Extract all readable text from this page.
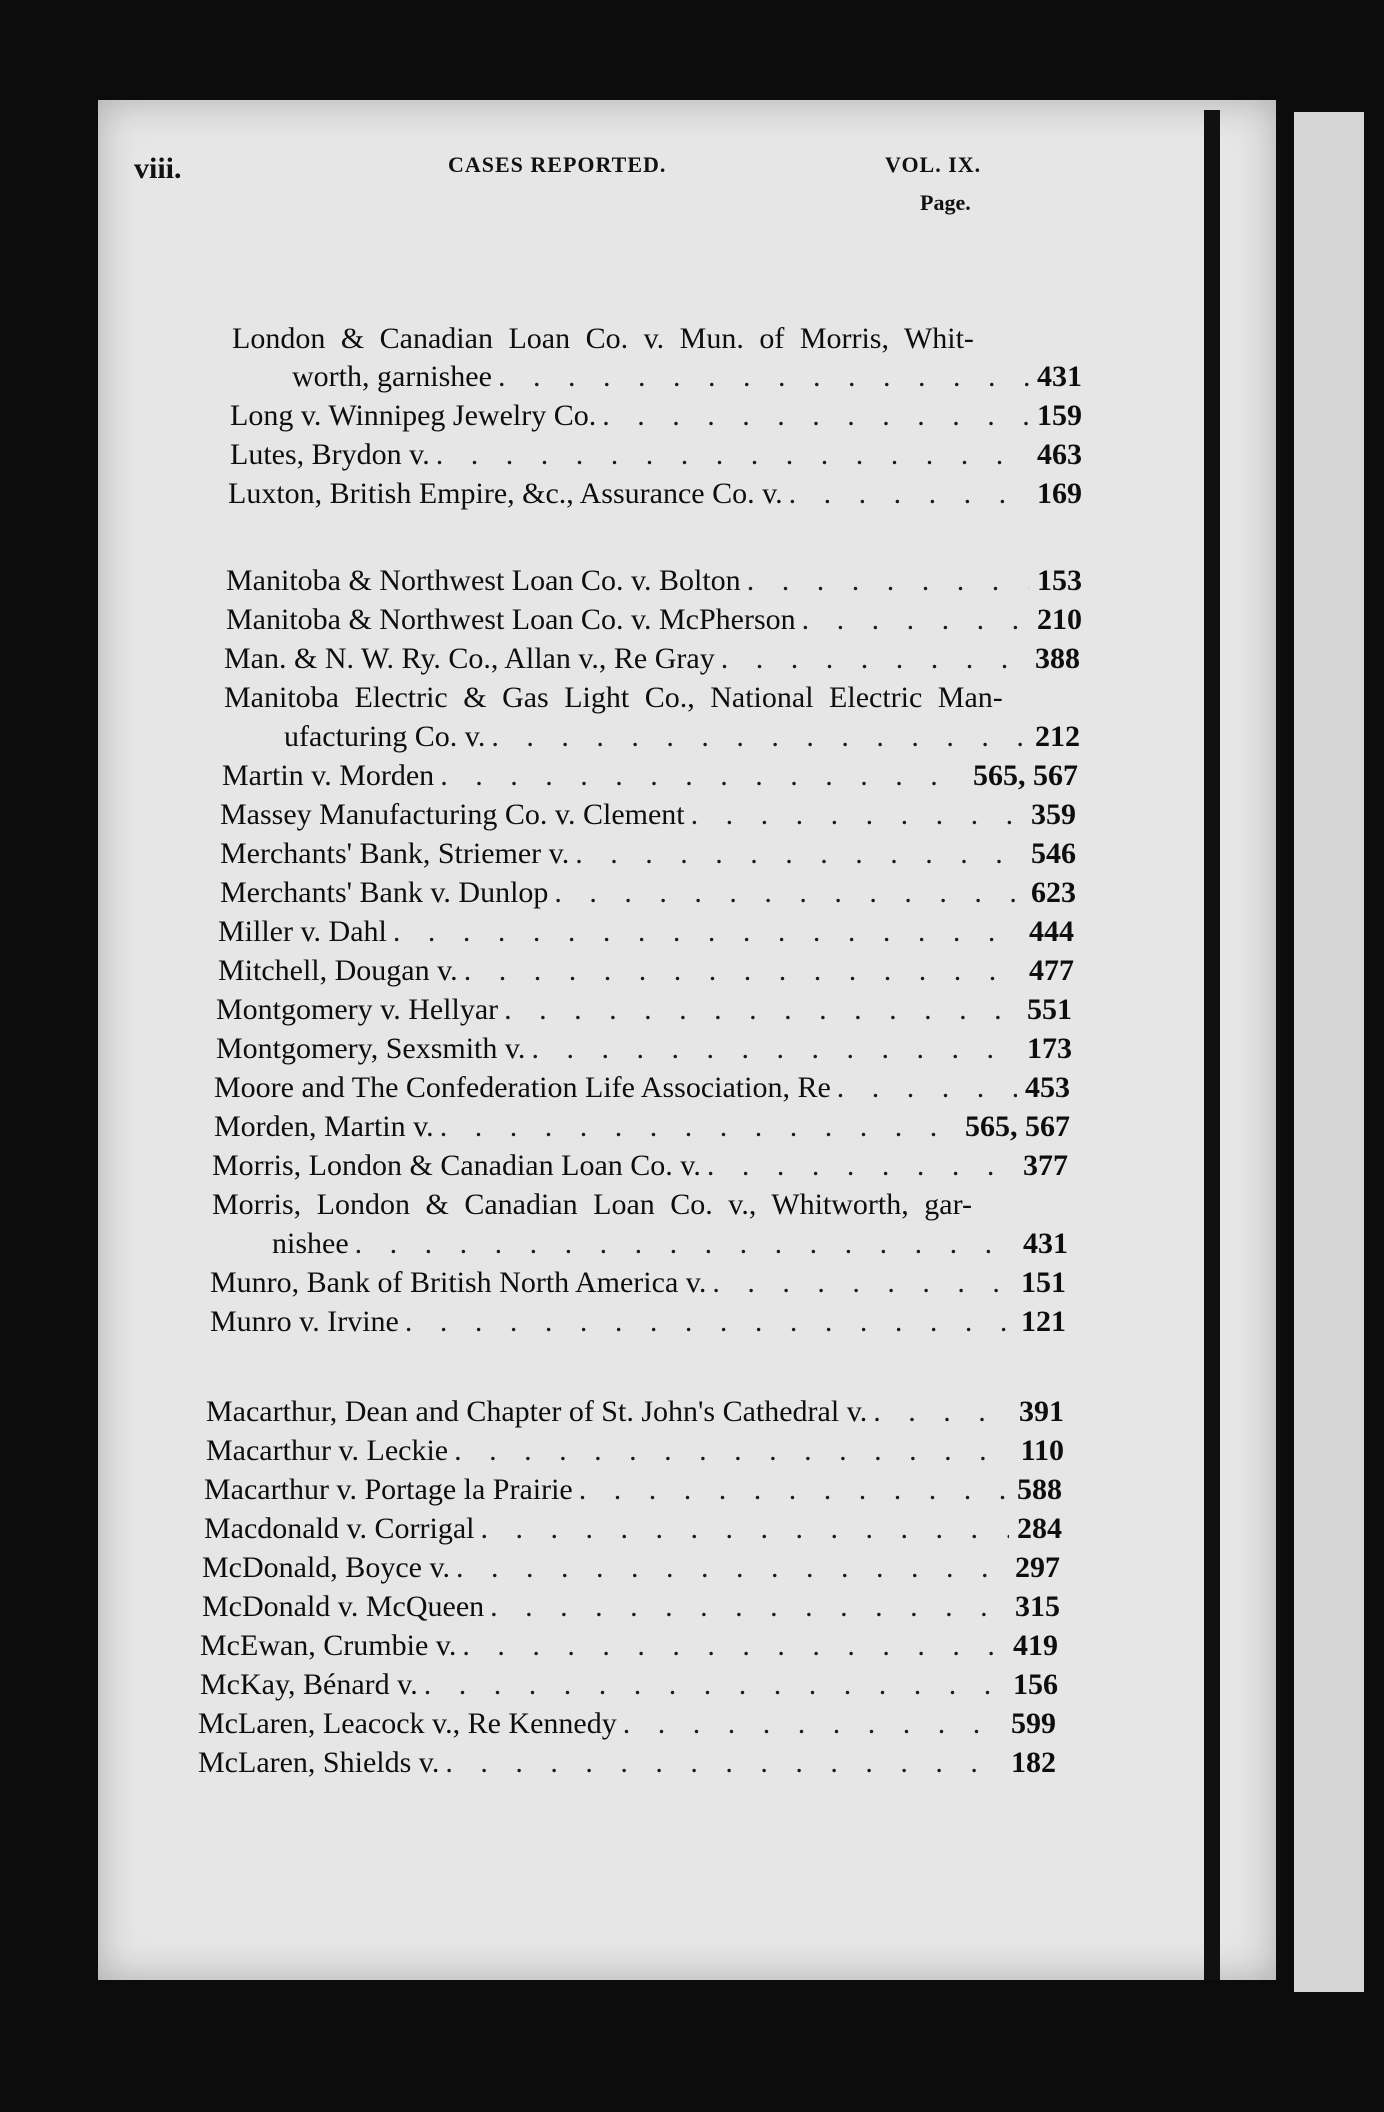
viii.	CASES REPORTED.	VOL. IX.
Page.
London & Canadian Loan Co. v. Mun. of Morris, Whit-
worth, garnishee . . .	431
Long v. Winnipeg Jewelry Co. . . .	159
Lutes, Brydon v. . . .	463
Luxton, British Empire, &c., Assurance Co. v. . . .	169
Manitoba & Northwest Loan Co. v. Bolton . . .	153
Manitoba & Northwest Loan Co. v. McPherson . . .	210
Man. & N. W. Ry. Co., Allan v., Re Gray . . .	388
Manitoba Electric & Gas Light Co., National Electric Man-
ufacturing Co. v. . . .	212
Martin v. Morden . . .	565, 567
Massey Manufacturing Co. v. Clement . . .	359
Merchants' Bank, Striemer v. . . .	546
Merchants' Bank v. Dunlop . . .	623
Miller v. Dahl . . .	444
Mitchell, Dougan v. . . .	477
Montgomery v. Hellyar . . .	551
Montgomery, Sexsmith v. . . .	173
Moore and The Confederation Life Association, Re . . .	453
Morden, Martin v. . . .	565, 567
Morris, London & Canadian Loan Co. v. . . .	377
Morris, London & Canadian Loan Co. v., Whitworth, gar-
nishee . . .	431
Munro, Bank of British North America v. . . .	151
Munro v. Irvine . . .	121
Macarthur, Dean and Chapter of St. John's Cathedral v. . . .	391
Macarthur v. Leckie . . .	110
Macarthur v. Portage la Prairie . . .	588
Macdonald v. Corrigal . . .	284
McDonald, Boyce v. . . .	297
McDonald v. McQueen . . .	315
McEwan, Crumbie v. . . .	419
McKay, Bénard v. . . .	156
McLaren, Leacock v., Re Kennedy . . .	599
McLaren, Shields v. . . .	182
